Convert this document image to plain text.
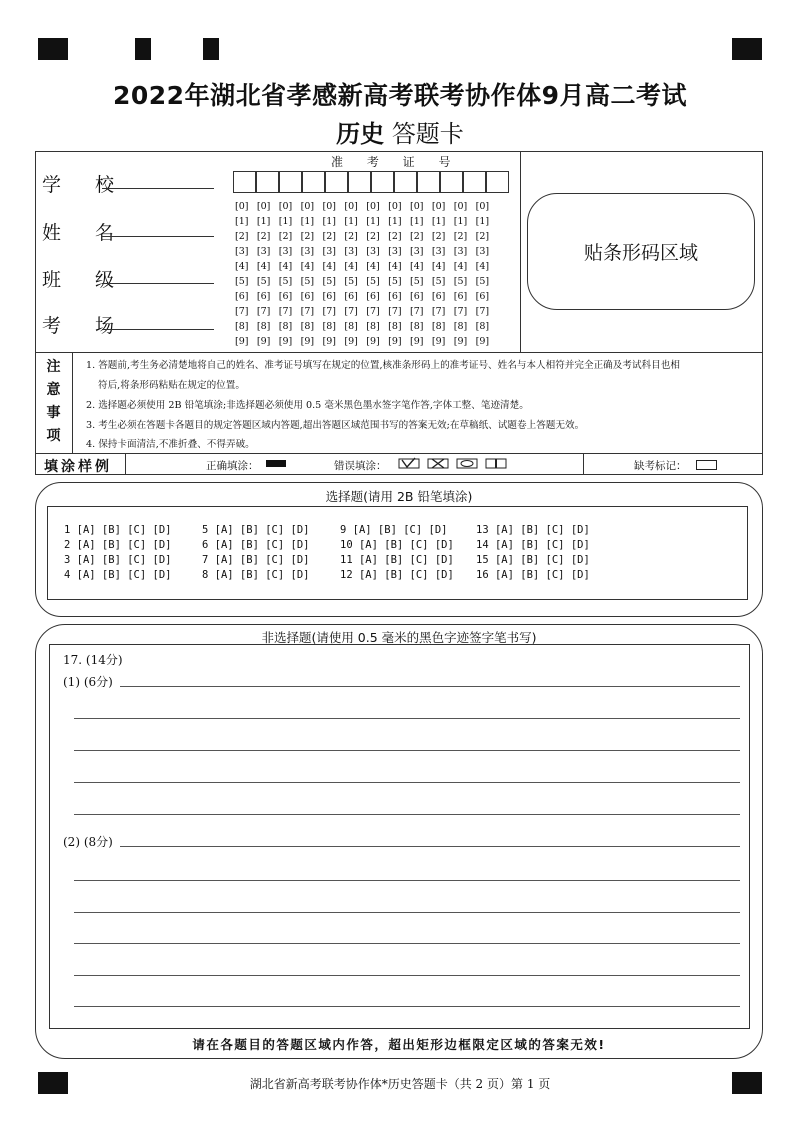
2022年湖北省孝感新高考联考协作体9月高二考试
历史 答题卡
学 校
姓 名
班 级
考 场
准 考 证 号
[0] [0] [0] [0] [0] [0] [0] [0] [0] [0] [0] [0]
[1] [1] [1] [1] [1] [1] [1] [1] [1] [1] [1] [1]
[2] [2] [2] [2] [2] [2] [2] [2] [2] [2] [2] [2]
[3] [3] [3] [3] [3] [3] [3] [3] [3] [3] [3] [3]
[4] [4] [4] [4] [4] [4] [4] [4] [4] [4] [4] [4]
[5] [5] [5] [5] [5] [5] [5] [5] [5] [5] [5] [5]
[6] [6] [6] [6] [6] [6] [6] [6] [6] [6] [6] [6]
[7] [7] [7] [7] [7] [7] [7] [7] [7] [7] [7] [7]
[8] [8] [8] [8] [8] [8] [8] [8] [8] [8] [8] [8]
[9] [9] [9] [9] [9] [9] [9] [9] [9] [9] [9] [9]
贴条形码区域
注
意
事
项
1. 答题前,考生务必清楚地将自己的姓名、准考证号填写在规定的位置,核准条形码上的准考证号、姓名与本人相符并完全正确及考试科目也相
符后,将条形码粘贴在规定的位置。
2. 选择题必须使用 2B 铅笔填涂;非选择题必须使用 0.5 毫米黑色墨水签字笔作答,字体工整、笔迹清楚。
3. 考生必须在答题卡各题目的规定答题区域内答题,超出答题区域范围书写的答案无效;在草稿纸、试题卷上答题无效。
4. 保持卡面清洁,不准折叠、不得弄破。
填涂样例	正确填涂：	错误填涂：	缺考标记：
选择题(请用 2B 铅笔填涂)
1 [A] [B] [C] [D]	5 [A] [B] [C] [D]	9 [A] [B] [C] [D]	13 [A] [B] [C] [D]
2 [A] [B] [C] [D]	6 [A] [B] [C] [D]	10 [A] [B] [C] [D] 14 [A] [B] [C] [D]
3 [A] [B] [C] [D]	7 [A] [B] [C] [D]	11 [A] [B] [C] [D] 15 [A] [B] [C] [D]
4 [A] [B] [C] [D]	8 [A] [B] [C] [D]	12 [A] [B] [C] [D] 16 [A] [B] [C] [D]
非选择题(请使用 0.5 毫米的黑色字迹签字笔书写)
17. (14分)
(1) (6分)
(2) (8分)
请在各题目的答题区域内作答，超出矩形边框限定区域的答案无效!
湖北省新高考联考协作体*历史答题卡（共 2 页）第 1 页
